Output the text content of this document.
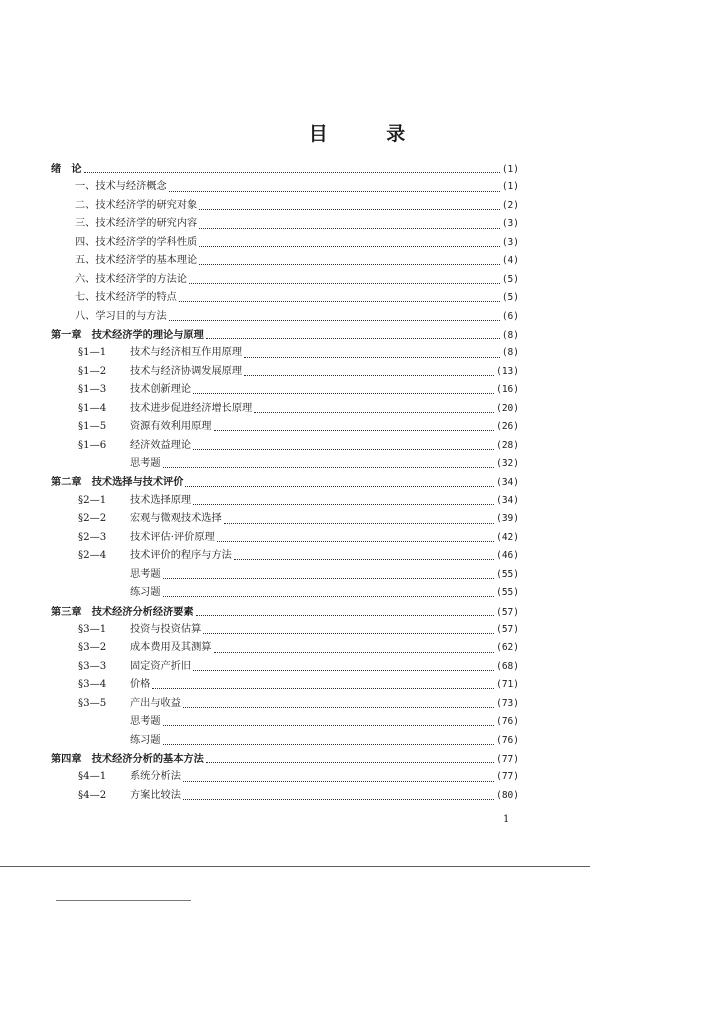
目 录
绪　论	(1)
一、技术与经济概念	(1)
二、技术经济学的研究对象	(2)
三、技术经济学的研究内容	(3)
四、技术经济学的学科性质	(3)
五、技术经济学的基本理论	(4)
六、技术经济学的方法论	(5)
七、技术经济学的特点	(5)
八、学习目的与方法	(6)
第一章　技术经济学的理论与原理	(8)
§1—1	技术与经济相互作用原理	(8)
§1—2	技术与经济协调发展原理	(13)
§1—3	技术创新理论	(16)
§1—4	技术进步促进经济增长原理	(20)
§1—5	资源有效利用原理	(26)
§1—6	经济效益理论	(28)
思考题	(32)
第二章　技术选择与技术评价	(34)
§2—1	技术选择原理	(34)
§2—2	宏观与微观技术选择	(39)
§2—3	技术评估·评价原理	(42)
§2—4	技术评价的程序与方法	(46)
思考题	(55)
练习题	(55)
第三章　技术经济分析经济要素	(57)
§3—1	投资与投资估算	(57)
§3—2	成本费用及其测算	(62)
§3—3	固定资产折旧	(68)
§3—4	价格	(71)
§3—5	产出与收益	(73)
思考题	(76)
练习题	(76)
第四章　技术经济分析的基本方法	(77)
§4—1	系统分析法	(77)
§4—2	方案比较法	(80)
1
